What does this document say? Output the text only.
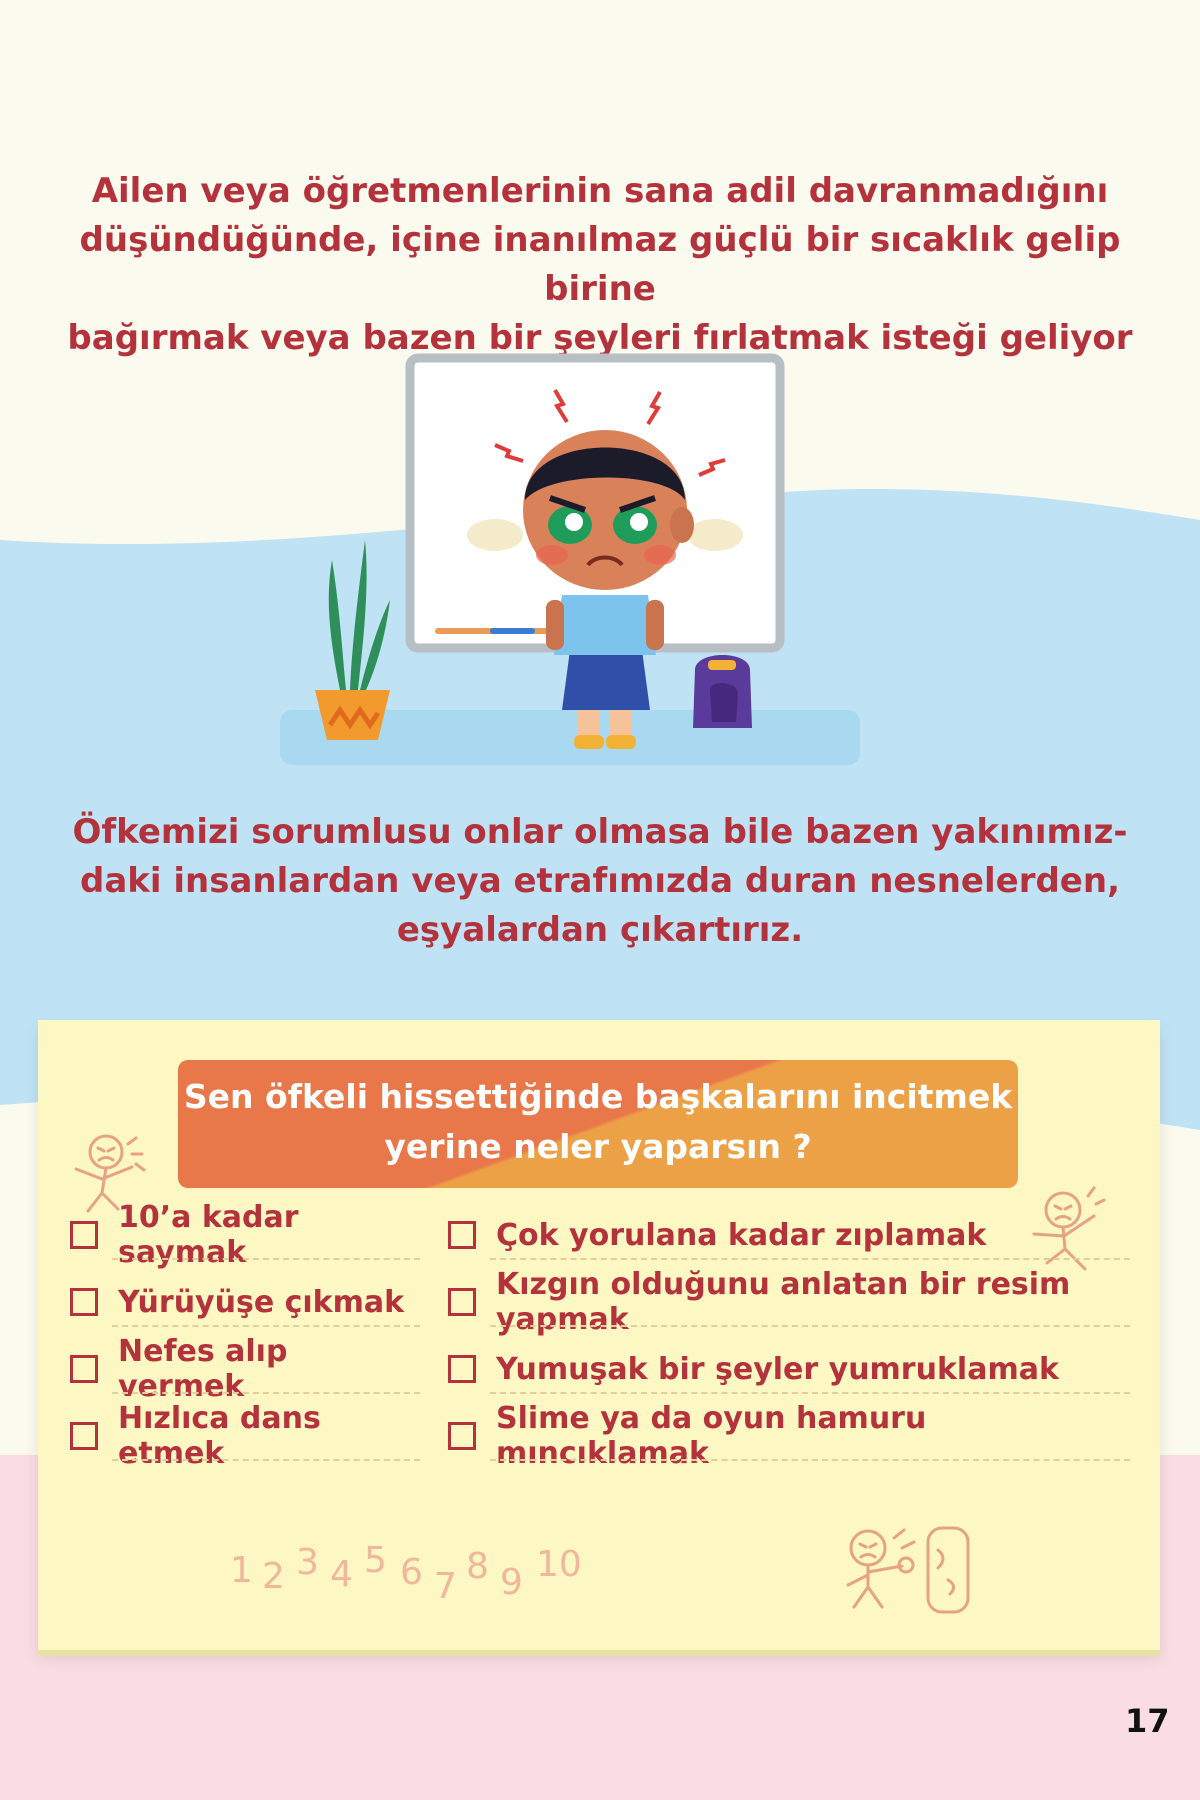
Ailen veya öğretmenlerinin sana adil davranmadığını
düşündüğünde, içine inanılmaz güçlü bir sıcaklık gelip birine
bağırmak veya bazen bir şeyleri fırlatmak isteği geliyor
Öfkemizi sorumlusu onlar olmasa bile bazen yakınımız-
daki insanlardan veya etrafımızda duran nesnelerden,
eşyalardan çıkartırız.
Sen öfkeli hissettiğinde başkalarını incitmek
yerine neler yaparsın ?
10’a kadar saymak
Yürüyüşe çıkmak
Nefes alıp vermek
Hızlıca dans etmek
Çok yorulana kadar zıplamak
Kızgın olduğunu anlatan bir resim yapmak
Yumuşak bir şeyler yumruklamak
Slime ya da oyun hamuru mıncıklamak
1 2 3 4 5 6 7 8 9 10
17
